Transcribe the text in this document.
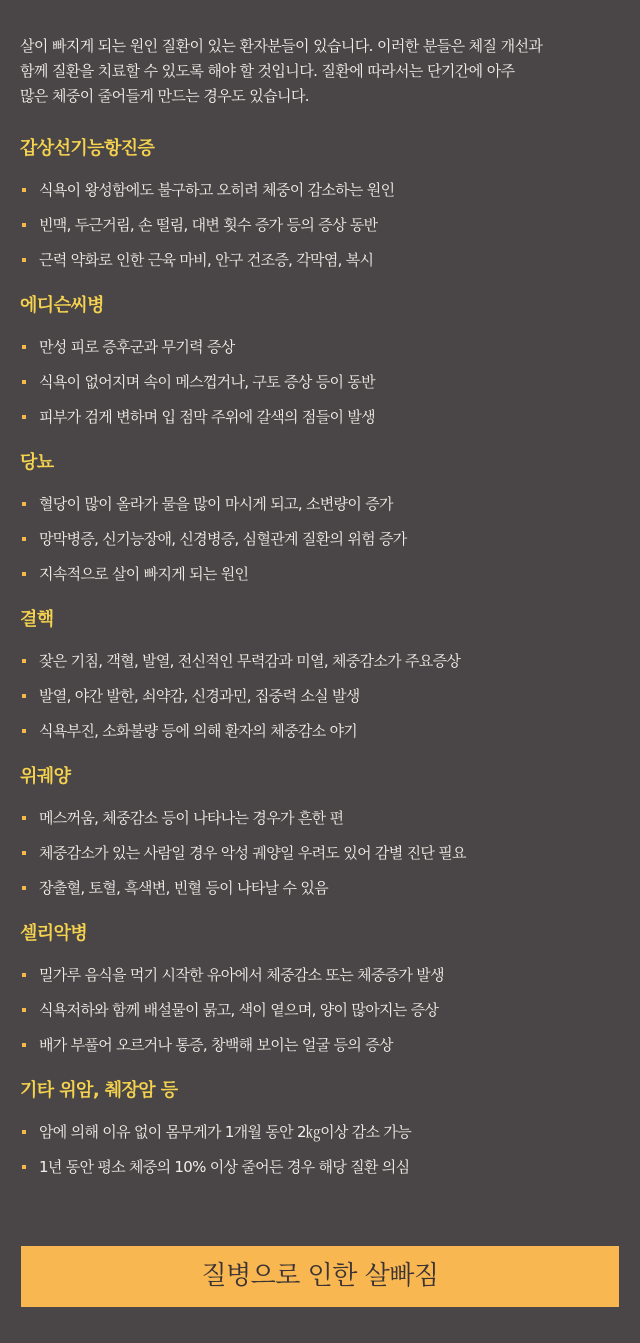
살이 빠지게 되는 원인 질환이 있는 환자분들이 있습니다. 이러한 분들은 체질 개선과
함께 질환을 치료할 수 있도록 해야 할 것입니다. 질환에 따라서는 단기간에 아주
많은 체중이 줄어들게 만드는 경우도 있습니다.

갑상선기능항진증
식욕이 왕성함에도 불구하고 오히려 체중이 감소하는 원인
빈맥, 두근거림, 손 떨림, 대변 횟수 증가 등의 증상 동반
근력 약화로 인한 근육 마비, 안구 건조증, 각막염, 복시
에디슨씨병
만성 피로 증후군과 무기력 증상
식욕이 없어지며 속이 메스껍거나, 구토 증상 등이 동반
피부가 검게 변하며 입 점막 주위에 갈색의 점들이 발생
당뇨
혈당이 많이 올라가 물을 많이 마시게 되고, 소변량이 증가
망막병증, 신기능장애, 신경병증, 심혈관계 질환의 위험 증가
지속적으로 살이 빠지게 되는 원인
결핵
잦은 기침, 객혈, 발열, 전신적인 무력감과 미열, 체중감소가 주요증상
발열, 야간 발한, 쇠약감, 신경과민, 집중력 소실 발생
식욕부진, 소화불량 등에 의해 환자의 체중감소 야기
위궤양
메스꺼움, 체중감소 등이 나타나는 경우가 흔한 편
체중감소가 있는 사람일 경우 악성 궤양일 우려도 있어 감별 진단 필요
장출혈, 토혈, 흑색변, 빈혈 등이 나타날 수 있음
셀리악병
밀가루 음식을 먹기 시작한 유아에서 체중감소 또는 체중증가 발생
식욕저하와 함께 배설물이 묽고, 색이 옅으며, 양이 많아지는 증상
배가 부풀어 오르거나 통증, 창백해 보이는 얼굴 등의 증상
기타 위암, 췌장암 등
암에 의해 이유 없이 몸무게가 1개월 동안 2㎏이상 감소 가능
1년 동안 평소 체중의 10% 이상 줄어든 경우 해당 질환 의심
질병으로 인한 살빠짐
